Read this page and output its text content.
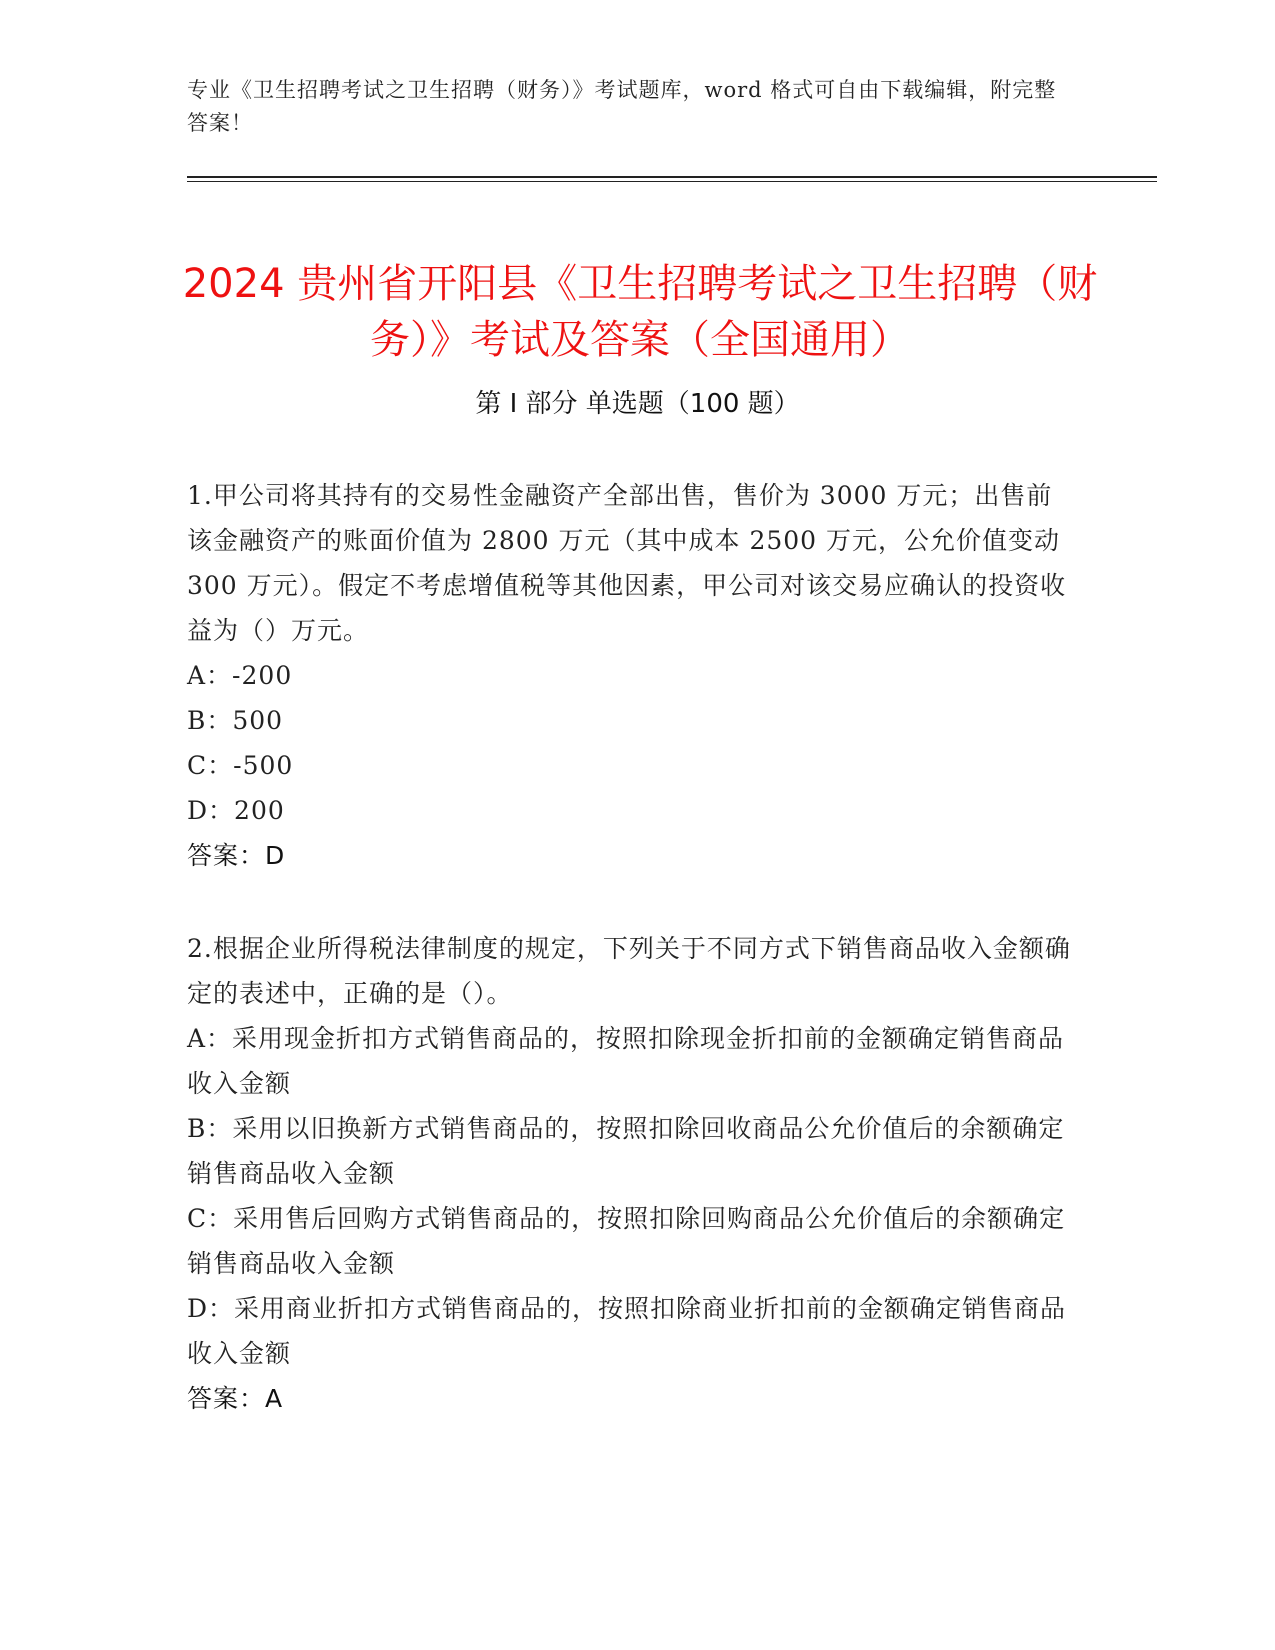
专业《卫生招聘考试之卫生招聘（财务）》考试题库，word 格式可自由下载编辑，附完整答案！
2024 贵州省开阳县《卫生招聘考试之卫生招聘（财务）》考试及答案（全国通用）
第 I 部分 单选题（100 题）

1.甲公司将其持有的交易性金融资产全部出售，售价为 3000 万元；出售前该金融资产的账面价值为 2800 万元（其中成本 2500 万元，公允价值变动 300 万元）。假定不考虑增值税等其他因素，甲公司对该交易应确认的投资收益为（）万元。

A：-200

B：500

C：-500

D：200

答案：D

2.根据企业所得税法律制度的规定，下列关于不同方式下销售商品收入金额确定的表述中，正确的是（）。

A：采用现金折扣方式销售商品的，按照扣除现金折扣前的金额确定销售商品收入金额

B：采用以旧换新方式销售商品的，按照扣除回收商品公允价值后的余额确定销售商品收入金额

C：采用售后回购方式销售商品的，按照扣除回购商品公允价值后的余额确定销售商品收入金额

D：采用商业折扣方式销售商品的，按照扣除商业折扣前的金额确定销售商品收入金额

答案：A
